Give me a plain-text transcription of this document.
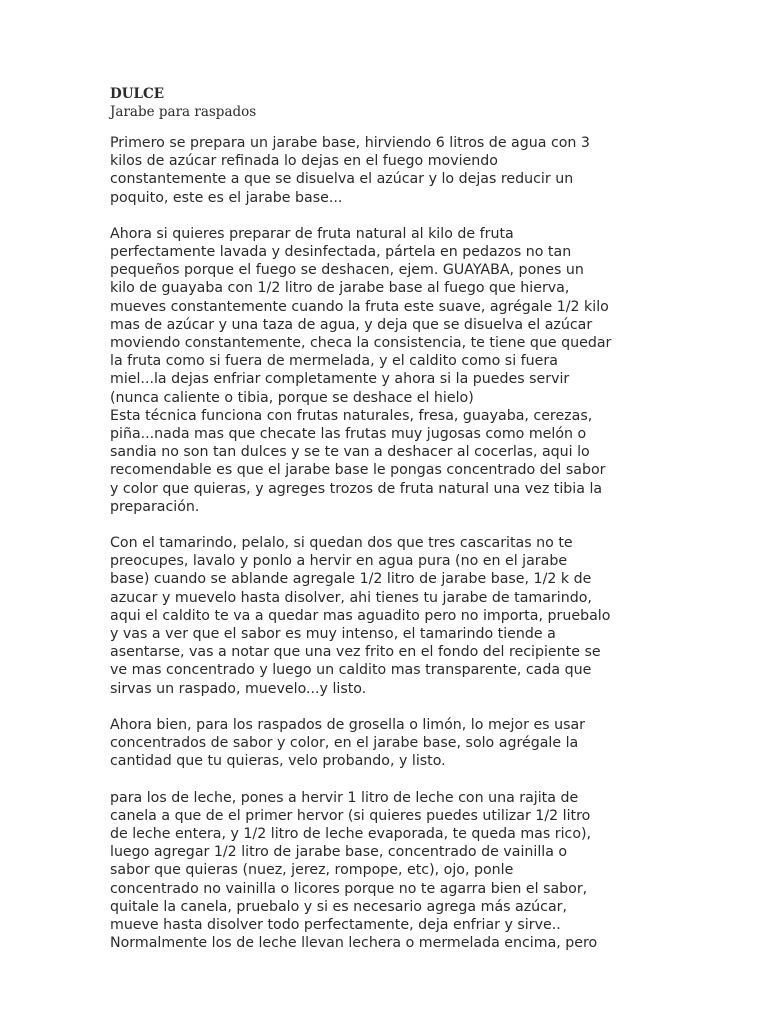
DULCE
Jarabe para raspados

Primero se prepara un jarabe base, hirviendo 6 litros de agua con 3
kilos de azúcar refinada lo dejas en el fuego moviendo
constantemente a que se disuelva el azúcar y lo dejas reducir un
poquito, este es el jarabe base...

Ahora si quieres preparar de fruta natural al kilo de fruta
perfectamente lavada y desinfectada, pártela en pedazos no tan
pequeños porque el fuego se deshacen, ejem. GUAYABA, pones un
kilo de guayaba con 1/2 litro de jarabe base al fuego que hierva,
mueves constantemente cuando la fruta este suave, agrégale 1/2 kilo
mas de azúcar y una taza de agua, y deja que se disuelva el azúcar
moviendo constantemente, checa la consistencia, te tiene que quedar
la fruta como si fuera de mermelada, y el caldito como si fuera
miel...la dejas enfriar completamente y ahora si la puedes servir
(nunca caliente o tibia, porque se deshace el hielo)

Esta técnica funciona con frutas naturales, fresa, guayaba, cerezas,
piña...nada mas que checate las frutas muy jugosas como melón o
sandia no son tan dulces y se te van a deshacer al cocerlas, aqui lo
recomendable es que el jarabe base le pongas concentrado del sabor
y color que quieras, y agreges trozos de fruta natural una vez tibia la
preparación.

Con el tamarindo, pelalo, si quedan dos que tres cascaritas no te
preocupes, lavalo y ponlo a hervir en agua pura (no en el jarabe
base) cuando se ablande agregale 1/2 litro de jarabe base, 1/2 k de
azucar y muevelo hasta disolver, ahi tienes tu jarabe de tamarindo,
aqui el caldito te va a quedar mas aguadito pero no importa, pruebalo
y vas a ver que el sabor es muy intenso, el tamarindo tiende a
asentarse, vas a notar que una vez frito en el fondo del recipiente se
ve mas concentrado y luego un caldito mas transparente, cada que
sirvas un raspado, muevelo...y listo.

Ahora bien, para los raspados de grosella o limón, lo mejor es usar
concentrados de sabor y color, en el jarabe base, solo agrégale la
cantidad que tu quieras, velo probando, y listo.

para los de leche, pones a hervir 1 litro de leche con una rajita de
canela a que de el primer hervor (si quieres puedes utilizar 1/2 litro
de leche entera, y 1/2 litro de leche evaporada, te queda mas rico),
luego agregar 1/2 litro de jarabe base, concentrado de vainilla o
sabor que quieras (nuez, jerez, rompope, etc), ojo, ponle
concentrado no vainilla o licores porque no te agarra bien el sabor,
quitale la canela, pruebalo y si es necesario agrega más azúcar,
mueve hasta disolver todo perfectamente, deja enfriar y sirve..
Normalmente los de leche llevan lechera o mermelada encima, pero
